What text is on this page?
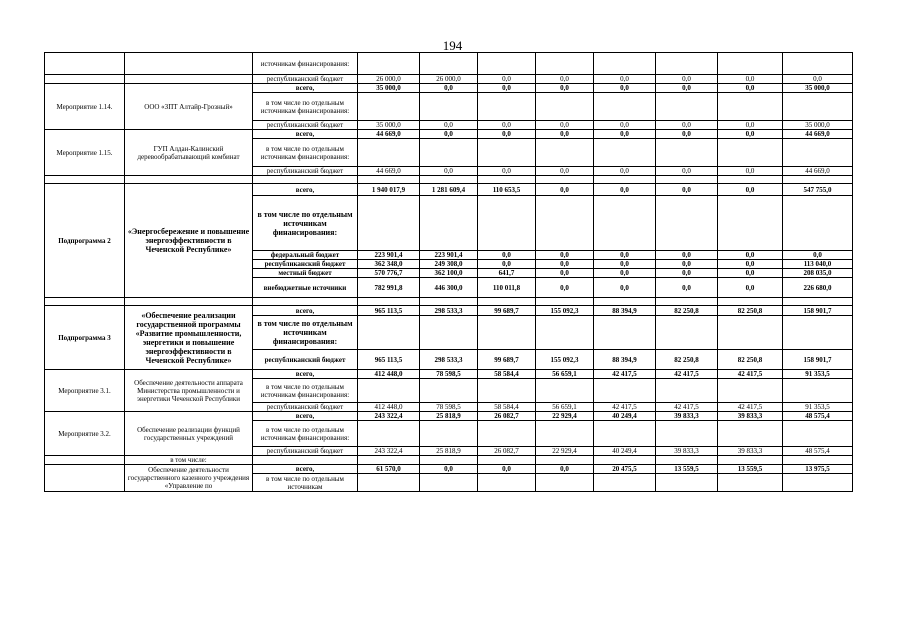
194
		источникам финансирования:								
		республиканский бюджет	26 000,0	26 000,0	0,0	0,0	0,0	0,0	0,0	0,0
Мероприятие 1.14.	ООО «ЗПТ Алтайр-Грозный»	всего,	35 000,0	0,0	0,0	0,0	0,0	0,0	0,0	35 000,0
		в том числе по отдельным источникам финансирования:								
		республиканский бюджет	35 000,0	0,0	0,0	0,0	0,0	0,0	0,0	35 000,0
Мероприятие 1.15.	ГУП Алдан-Калинский деревообрабатывающий комбинат	всего,	44 669,0	0,0	0,0	0,0	0,0	0,0	0,0	44 669,0
		в том числе по отдельным источникам финансирования:								
		республиканский бюджет	44 669,0	0,0	0,0	0,0	0,0	0,0	0,0	44 669,0

Подпрограмма 2	«Энергосбережение и повышение энергоэффективности в Чеченской Республике»	всего,	1 940 017,9	1 281 609,4	110 653,5	0,0	0,0	0,0	0,0	547 755,0
		в том числе по отдельным источникам финансирования:								
		федеральный бюджет	223 901,4	223 901,4	0,0	0,0	0,0	0,0	0,0	0,0
		республиканский бюджет	362 348,0	249 308,0	0,0	0,0	0,0	0,0	0,0	113 040,0
		местный бюджет	570 776,7	362 100,0	641,7	0,0	0,0	0,0	0,0	208 035,0
		внебюджетные источники	782 991,8	446 300,0	110 011,8	0,0	0,0	0,0	0,0	226 680,0

Подпрограмма 3	«Обеспечение реализации государственной программы «Развитие промышленности, энергетики и повышение энергоэффективности в Чеченской Республике»	всего,	965 113,5	298 533,3	99 689,7	155 092,3	88 394,9	82 250,8	82 250,8	158 901,7
		в том числе по отдельным источникам финансирования:								
		республиканский бюджет	965 113,5	298 533,3	99 689,7	155 092,3	88 394,9	82 250,8	82 250,8	158 901,7
Мероприятие 3.1.	Обеспечение деятельности аппарата Министерства промышленности и энергетики Чеченской Республики	всего,	412 448,0	78 598,5	58 584,4	56 659,1	42 417,5	42 417,5	42 417,5	91 353,5
		в том числе по отдельным источникам финансирования:								
		республиканский бюджет	412 448,0	78 598,5	58 584,4	56 659,1	42 417,5	42 417,5	42 417,5	91 353,5
Мероприятие 3.2.	Обеспечение реализации функций государственных учреждений	всего,	243 322,4	25 818,9	26 082,7	22 929,4	40 249,4	39 833,3	39 833,3	48 575,4
		в том числе по отдельным источникам финансирования:								
		республиканский бюджет	243 322,4	25 818,9	26 082,7	22 929,4	40 249,4	39 833,3	39 833,3	48 575,4
	в том числе:									
	Обеспечение деятельности государственного казенного учреждения «Управление по	всего,	61 570,0	0,0	0,0	0,0	20 475,5	13 559,5	13 559,5	13 975,5
		в том числе по отдельным источникам								
